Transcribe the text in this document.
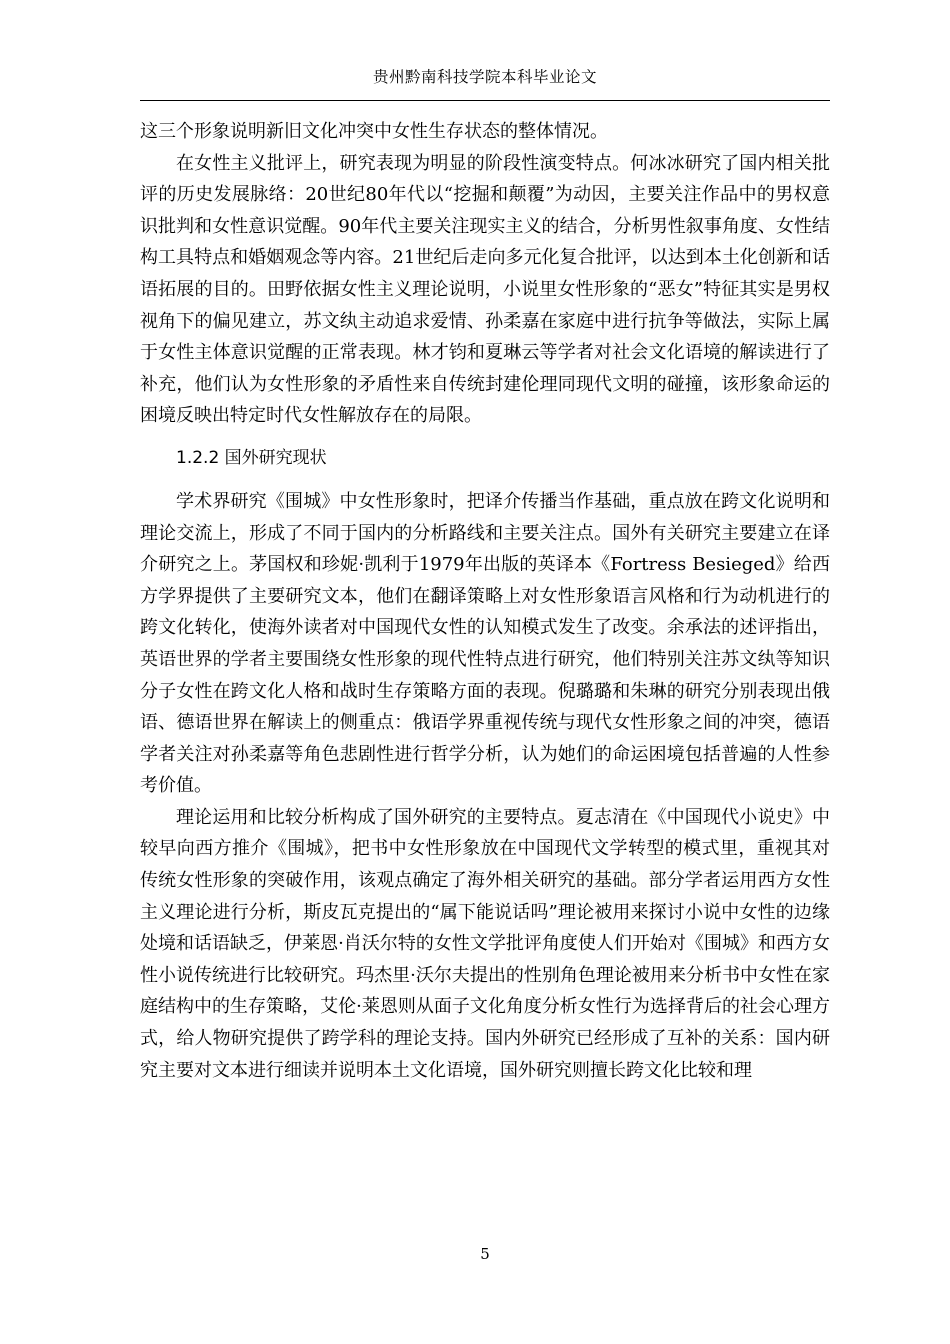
贵州黔南科技学院本科毕业论文

这三个形象说明新旧文化冲突中女性生存状态的整体情况。

在女性主义批评上，研究表现为明显的阶段性演变特点。何冰冰研究了国内相关批评的历史发展脉络：20世纪80年代以“挖掘和颠覆”为动因，主要关注作品中的男权意识批判和女性意识觉醒。90年代主要关注现实主义的结合，分析男性叙事角度、女性结构工具特点和婚姻观念等内容。21世纪后走向多元化复合批评，以达到本土化创新和话语拓展的目的。田野依据女性主义理论说明，小说里女性形象的“恶女”特征其实是男权视角下的偏见建立，苏文纨主动追求爱情、孙柔嘉在家庭中进行抗争等做法，实际上属于女性主体意识觉醒的正常表现。林才钧和夏琳云等学者对社会文化语境的解读进行了补充，他们认为女性形象的矛盾性来自传统封建伦理同现代文明的碰撞，该形象命运的困境反映出特定时代女性解放存在的局限。

1.2.2 国外研究现状

学术界研究《围城》中女性形象时，把译介传播当作基础，重点放在跨文化说明和理论交流上，形成了不同于国内的分析路线和主要关注点。国外有关研究主要建立在译介研究之上。茅国权和珍妮·凯利于1979年出版的英译本《Fortress Besieged》给西方学界提供了主要研究文本，他们在翻译策略上对女性形象语言风格和行为动机进行的跨文化转化，使海外读者对中国现代女性的认知模式发生了改变。余承法的述评指出，英语世界的学者主要围绕女性形象的现代性特点进行研究，他们特别关注苏文纨等知识分子女性在跨文化人格和战时生存策略方面的表现。倪璐璐和朱琳的研究分别表现出俄语、德语世界在解读上的侧重点：俄语学界重视传统与现代女性形象之间的冲突，德语学者关注对孙柔嘉等角色悲剧性进行哲学分析，认为她们的命运困境包括普遍的人性参考价值。

理论运用和比较分析构成了国外研究的主要特点。夏志清在《中国现代小说史》中较早向西方推介《围城》，把书中女性形象放在中国现代文学转型的模式里，重视其对传统女性形象的突破作用，该观点确定了海外相关研究的基础。部分学者运用西方女性主义理论进行分析，斯皮瓦克提出的“属下能说话吗”理论被用来探讨小说中女性的边缘处境和话语缺乏，伊莱恩·肖沃尔特的女性文学批评角度使人们开始对《围城》和西方女性小说传统进行比较研究。玛杰里·沃尔夫提出的性别角色理论被用来分析书中女性在家庭结构中的生存策略，艾伦·莱恩则从面子文化角度分析女性行为选择背后的社会心理方式，给人物研究提供了跨学科的理论支持。国内外研究已经形成了互补的关系：国内研究主要对文本进行细读并说明本土文化语境，国外研究则擅长跨文化比较和理

5
